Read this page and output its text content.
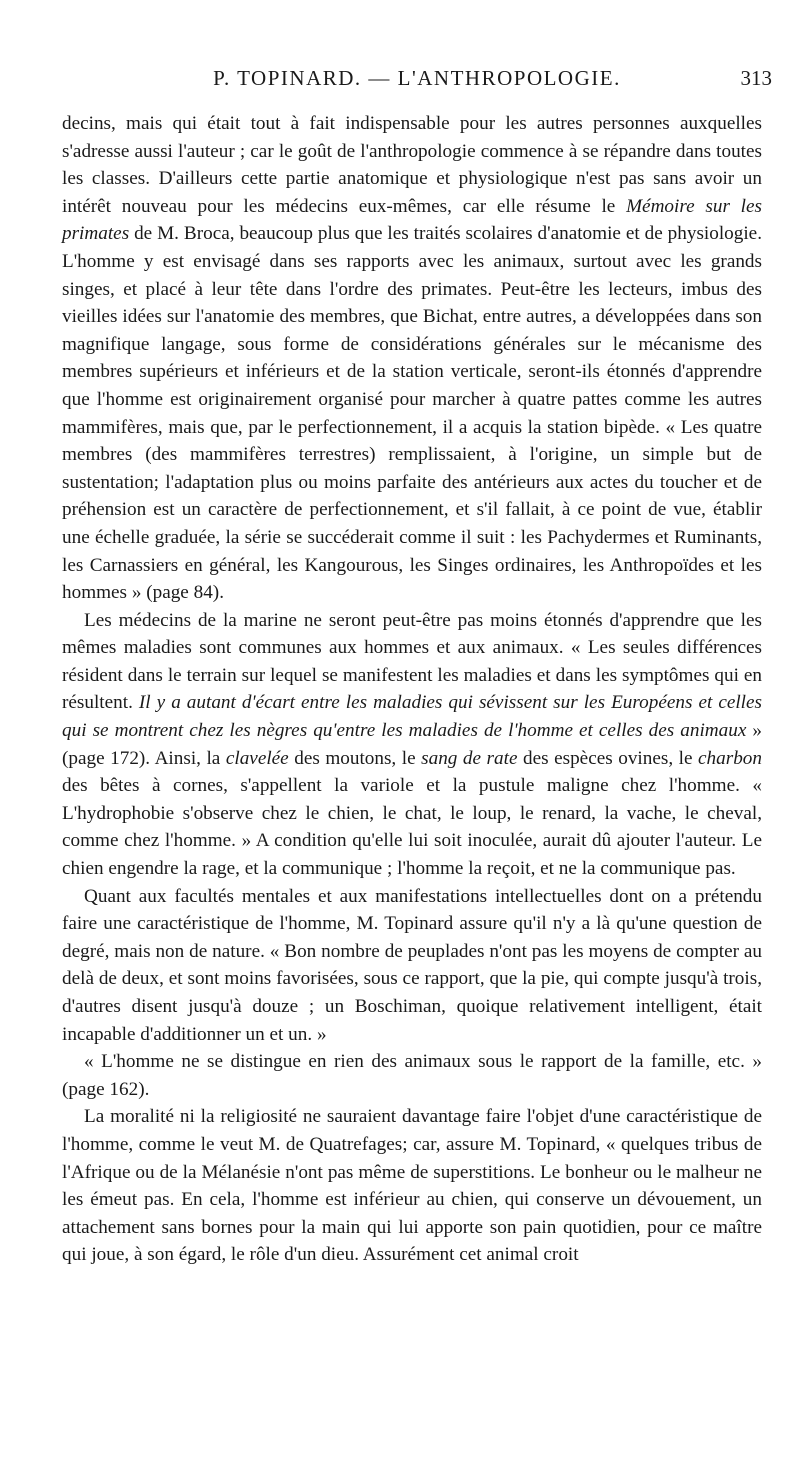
P. TOPINARD. — L'ANTHROPOLOGIE.	313

decins, mais qui était tout à fait indispensable pour les autres personnes auxquelles s'adresse aussi l'auteur ; car le goût de l'anthropologie commence à se répandre dans toutes les classes. D'ailleurs cette partie anatomique et physiologique n'est pas sans avoir un intérêt nouveau pour les médecins eux-mêmes, car elle résume le Mémoire sur les primates de M. Broca, beaucoup plus que les traités scolaires d'anatomie et de physiologie. L'homme y est envisagé dans ses rapports avec les animaux, surtout avec les grands singes, et placé à leur tête dans l'ordre des primates. Peut-être les lecteurs, imbus des vieilles idées sur l'anatomie des membres, que Bichat, entre autres, a développées dans son magnifique langage, sous forme de considérations générales sur le mécanisme des membres supérieurs et inférieurs et de la station verticale, seront-ils étonnés d'apprendre que l'homme est originairement organisé pour marcher à quatre pattes comme les autres mammifères, mais que, par le perfectionnement, il a acquis la station bipède. « Les quatre membres (des mammifères terrestres) remplissaient, à l'origine, un simple but de sustentation; l'adaptation plus ou moins parfaite des antérieurs aux actes du toucher et de préhension est un caractère de perfectionnement, et s'il fallait, à ce point de vue, établir une échelle graduée, la série se succéderait comme il suit : les Pachydermes et Ruminants, les Carnassiers en général, les Kangourous, les Singes ordinaires, les Anthropoïdes et les hommes » (page 84).

Les médecins de la marine ne seront peut-être pas moins étonnés d'apprendre que les mêmes maladies sont communes aux hommes et aux animaux. « Les seules différences résident dans le terrain sur lequel se manifestent les maladies et dans les symptômes qui en résultent. Il y a autant d'écart entre les maladies qui sévissent sur les Européens et celles qui se montrent chez les nègres qu'entre les maladies de l'homme et celles des animaux » (page 172). Ainsi, la clavelée des moutons, le sang de rate des espèces ovines, le charbon des bêtes à cornes, s'appellent la variole et la pustule maligne chez l'homme. « L'hydrophobie s'observe chez le chien, le chat, le loup, le renard, la vache, le cheval, comme chez l'homme. » A condition qu'elle lui soit inoculée, aurait dû ajouter l'auteur. Le chien engendre la rage, et la communique ; l'homme la reçoit, et ne la communique pas.

Quant aux facultés mentales et aux manifestations intellectuelles dont on a prétendu faire une caractéristique de l'homme, M. Topinard assure qu'il n'y a là qu'une question de degré, mais non de nature. « Bon nombre de peuplades n'ont pas les moyens de compter au delà de deux, et sont moins favorisées, sous ce rapport, que la pie, qui compte jusqu'à trois, d'autres disent jusqu'à douze ; un Boschiman, quoique relativement intelligent, était incapable d'additionner un et un. »

« L'homme ne se distingue en rien des animaux sous le rapport de la famille, etc. » (page 162).

La moralité ni la religiosité ne sauraient davantage faire l'objet d'une caractéristique de l'homme, comme le veut M. de Quatrefages; car, assure M. Topinard, « quelques tribus de l'Afrique ou de la Mélanésie n'ont pas même de superstitions. Le bonheur ou le malheur ne les émeut pas. En cela, l'homme est inférieur au chien, qui conserve un dévouement, un attachement sans bornes pour la main qui lui apporte son pain quotidien, pour ce maître qui joue, à son égard, le rôle d'un dieu. Assurément cet animal croit
